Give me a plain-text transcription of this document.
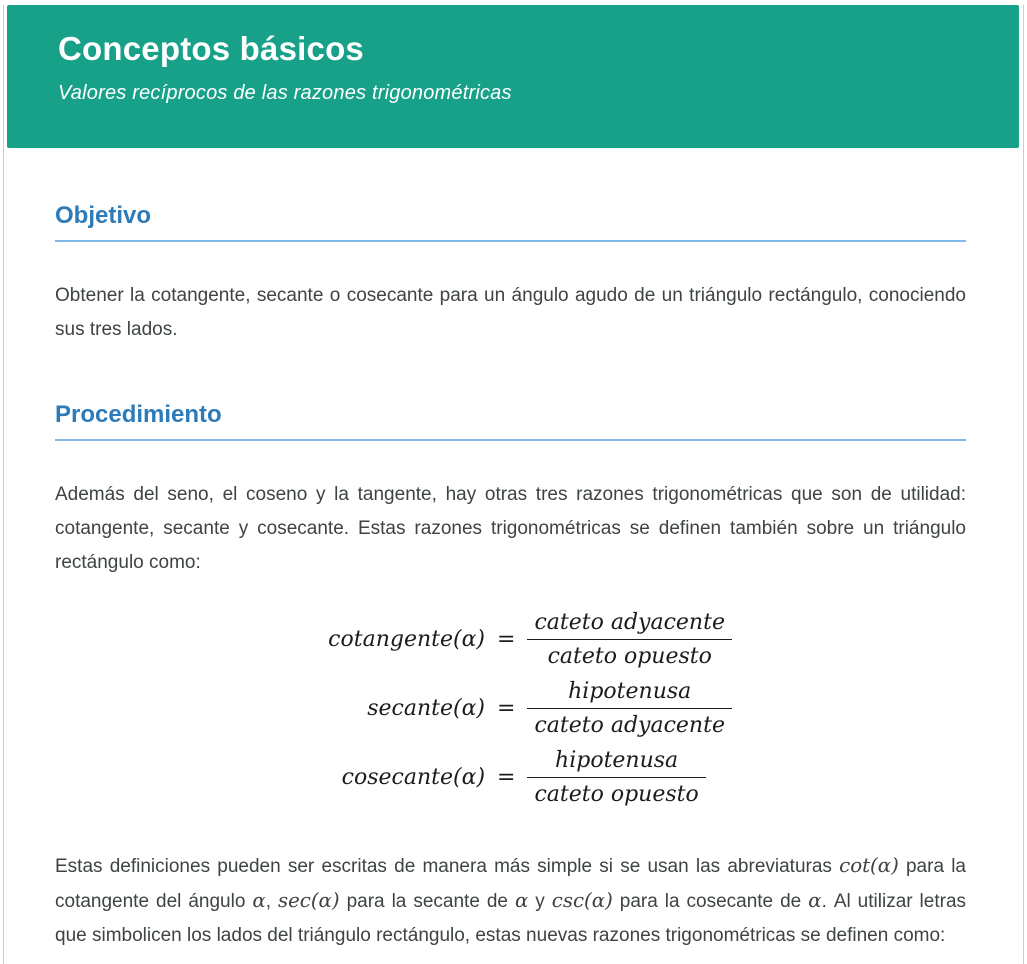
Conceptos básicos

Valores recíprocos de las razones trigonométricas

Objetivo

Obtener la cotangente, secante o cosecante para un ángulo agudo de un triángulo rectángulo, conociendo sus tres lados.

Procedimiento

Además del seno, el coseno y la tangente, hay otras tres razones trigonométricas que son de utilidad: cotangente, secante y cosecante. Estas razones trigonométricas se definen también sobre un triángulo rectángulo como:

cotangente(α) = $\frac{\text{cateto adyacente}}{\text{cateto opuesto}}$
secante(α) = $\frac{\text{hipotenusa}}{\text{cateto adyacente}}$
cosecante(α) = $\frac{\text{hipotenusa}}{\text{cateto opuesto}}$

Estas definiciones pueden ser escritas de manera más simple si se usan las abreviaturas cot(α) para la cotangente del ángulo α, sec(α) para la secante de α y csc(α) para la cosecante de α. Al utilizar letras que simbolicen los lados del triángulo rectángulo, estas nuevas razones trigonométricas se definen como:
